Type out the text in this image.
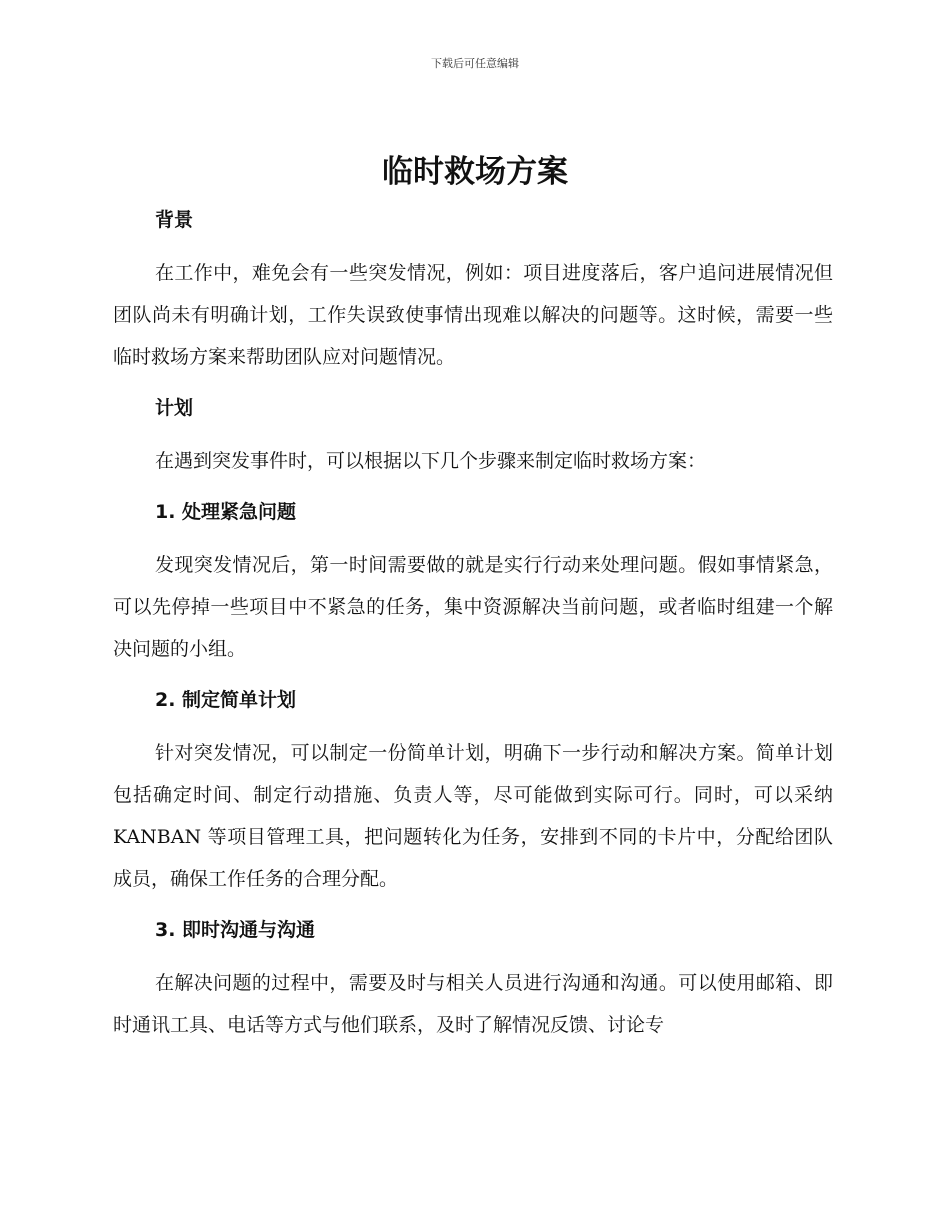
下载后可任意编辑
临时救场方案

背景

在工作中，难免会有一些突发情况，例如：项目进度落后，客户追问进展情况但团队尚未有明确计划，工作失误致使事情出现难以解决的问题等。这时候，需要一些临时救场方案来帮助团队应对问题情况。

计划

在遇到突发事件时，可以根据以下几个步骤来制定临时救场方案：

1. 处理紧急问题

发现突发情况后，第一时间需要做的就是实行行动来处理问题。假如事情紧急，可以先停掉一些项目中不紧急的任务，集中资源解决当前问题，或者临时组建一个解决问题的小组。

2. 制定简单计划

针对突发情况，可以制定一份简单计划，明确下一步行动和解决方案。简单计划包括确定时间、制定行动措施、负责人等，尽可能做到实际可行。同时，可以采纳 KANBAN 等项目管理工具，把问题转化为任务，安排到不同的卡片中，分配给团队成员，确保工作任务的合理分配。

3. 即时沟通与沟通

在解决问题的过程中，需要及时与相关人员进行沟通和沟通。可以使用邮箱、即时通讯工具、电话等方式与他们联系，及时了解情况反馈、讨论专
